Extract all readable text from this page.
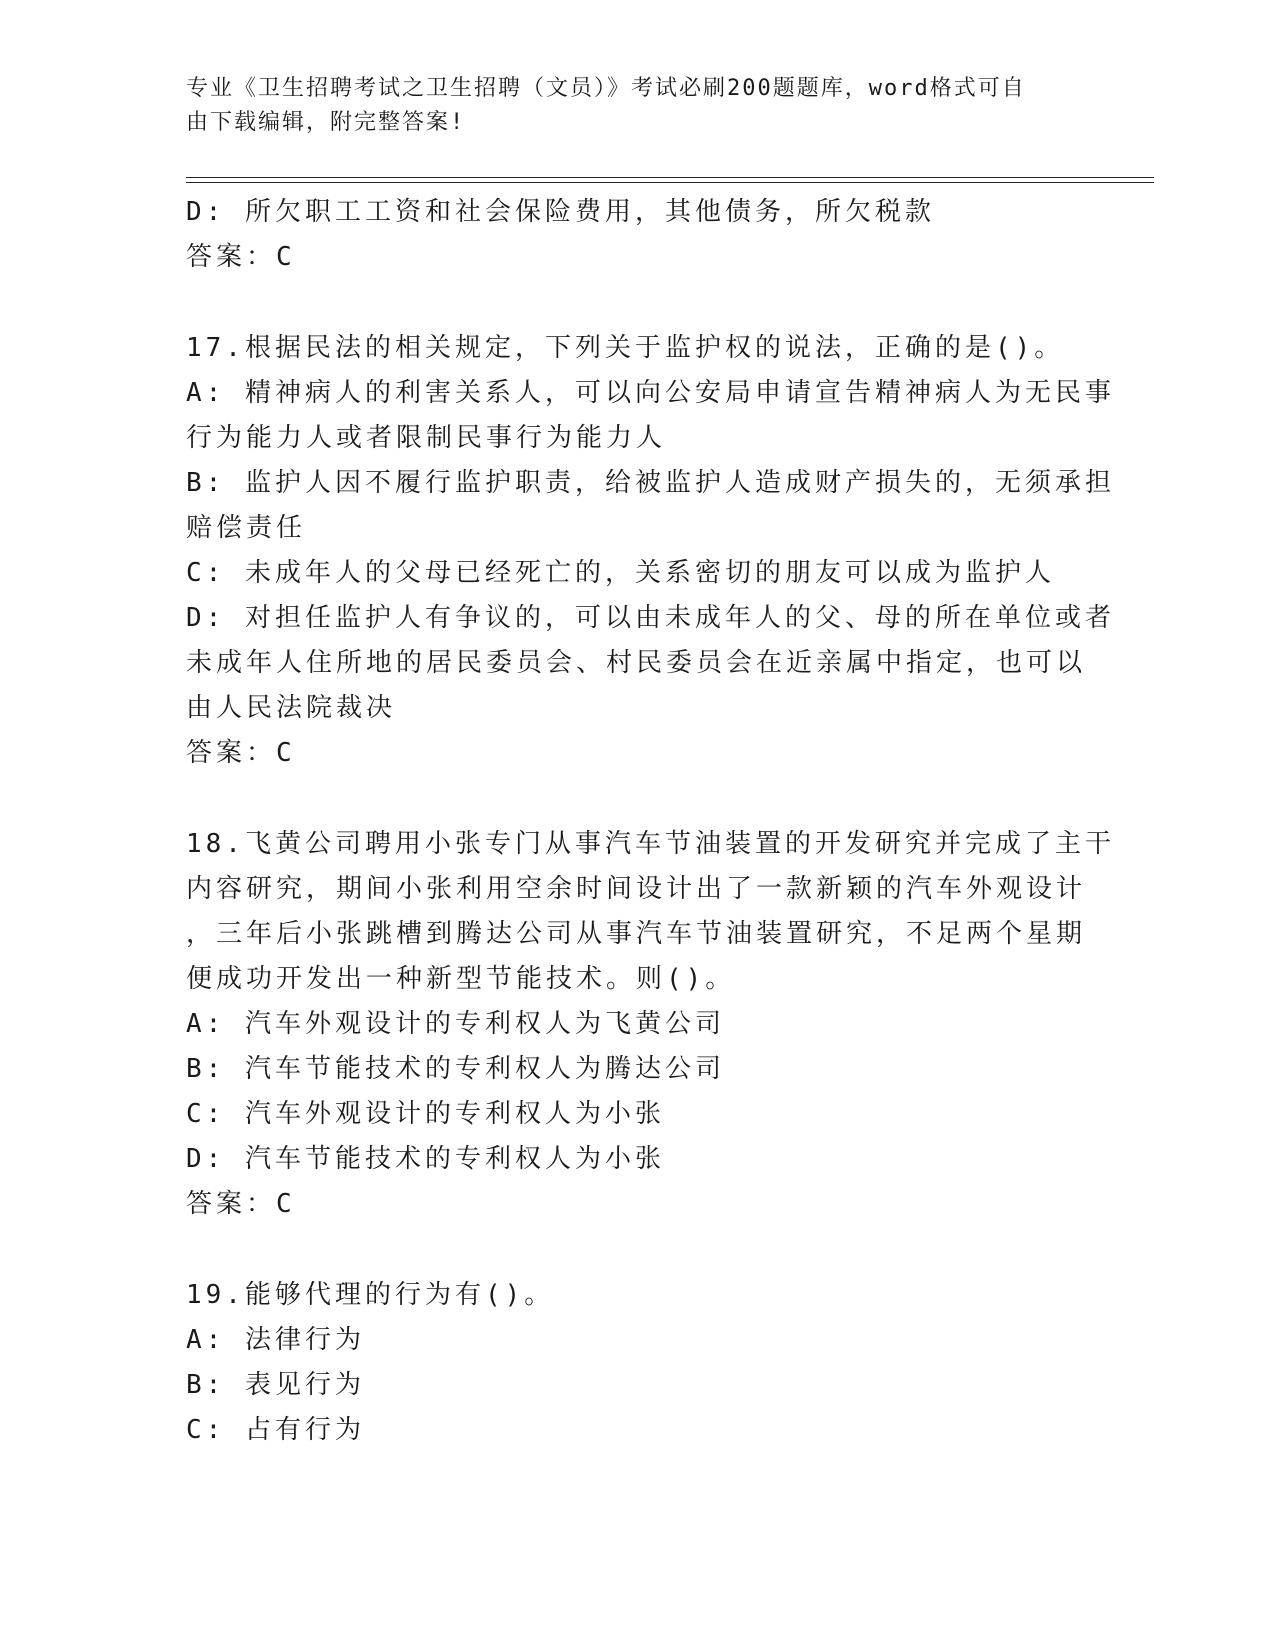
专业《卫生招聘考试之卫生招聘（文员）》考试必刷200题题库，word格式可自
由下载编辑，附完整答案!
D: 所欠职工工资和社会保险费用，其他债务，所欠税款
答案：C
17.根据民法的相关规定，下列关于监护权的说法，正确的是()。
A: 精神病人的利害关系人，可以向公安局申请宣告精神病人为无民事
行为能力人或者限制民事行为能力人
B: 监护人因不履行监护职责，给被监护人造成财产损失的，无须承担
赔偿责任
C: 未成年人的父母已经死亡的，关系密切的朋友可以成为监护人
D: 对担任监护人有争议的，可以由未成年人的父、母的所在单位或者
未成年人住所地的居民委员会、村民委员会在近亲属中指定，也可以
由人民法院裁决
答案：C
18.飞黄公司聘用小张专门从事汽车节油装置的开发研究并完成了主干
内容研究，期间小张利用空余时间设计出了一款新颖的汽车外观设计
，三年后小张跳槽到腾达公司从事汽车节油装置研究，不足两个星期
便成功开发出一种新型节能技术。则()。
A: 汽车外观设计的专利权人为飞黄公司
B: 汽车节能技术的专利权人为腾达公司
C: 汽车外观设计的专利权人为小张
D: 汽车节能技术的专利权人为小张
答案：C
19.能够代理的行为有()。
A: 法律行为
B: 表见行为
C: 占有行为
